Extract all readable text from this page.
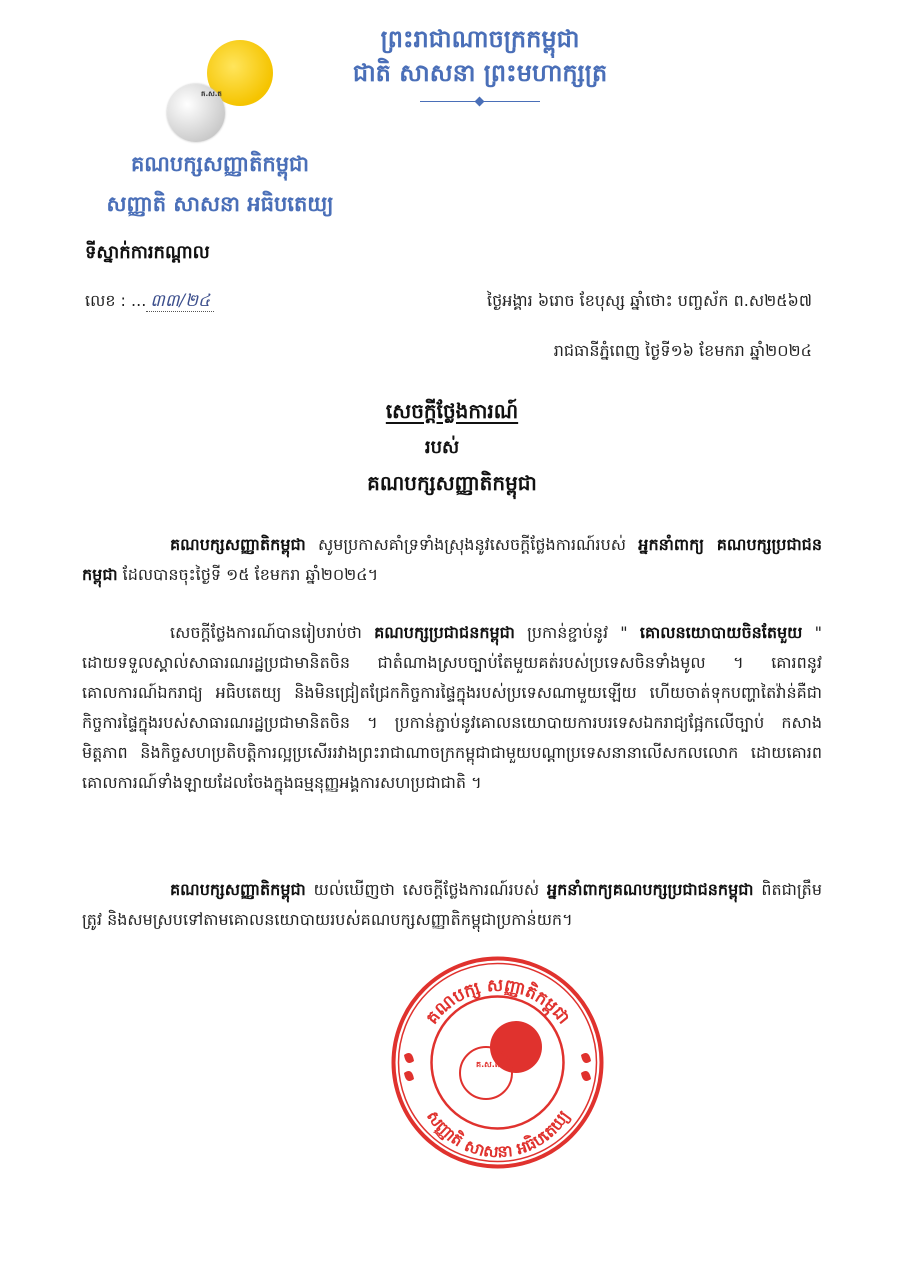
ព្រះរាជាណាចក្រកម្ពុជា
ជាតិ សាសនា ព្រះមហាក្សត្រ
គ.ស.ត
គណបក្សសញ្ញាតិកម្ពុជា
សញ្ញាតិ សាសនា អធិបតេយ្យ
ទីស្នាក់ការកណ្តាល
លេខ : ... ៣៣/២៤	ថ្ងៃអង្គារ ៦រោច ខែបុស្ស ឆ្នាំថោះ បញ្ចស័ក ព.ស២៥៦៧
រាជធានីភ្នំពេញ ថ្ងៃទី១៦ ខែមករា ឆ្នាំ២០២៤
សេចក្តីថ្លែងការណ៍
របស់
គណបក្សសញ្ញាតិកម្ពុជា
គណបក្សសញ្ញាតិកម្ពុជា សូមប្រកាសគាំទ្រទាំងស្រុងនូវសេចក្តីថ្លែងការណ៍របស់ អ្នកនាំពាក្យ គណបក្សប្រជាជនកម្ពុជា ដែលបានចុះថ្ងៃទី ១៥ ខែមករា ឆ្នាំ២០២៤។
សេចក្តីថ្លែងការណ៍បានរៀបរាប់ថា គណបក្សប្រជាជនកម្ពុជា ប្រកាន់ខ្ជាប់នូវ " គោលនយោបាយចិនតែមួយ " ដោយទទួលស្គាល់សាធារណរដ្ឋប្រជាមានិតចិន ជាតំណាងស្របច្បាប់តែមួយគត់របស់ប្រទេសចិនទាំងមូល ។ គោរពនូវគោលការណ៍ឯករាជ្យ អធិបតេយ្យ និងមិនជ្រៀតជ្រែកកិច្ចការផ្ទៃក្នុងរបស់ប្រទេសណាមួយឡើយ ហើយចាត់ទុកបញ្ហាតៃវ៉ាន់គឺជាកិច្ចការផ្ទៃក្នុងរបស់សាធារណរដ្ឋប្រជាមានិតចិន ។ ប្រកាន់ភ្ជាប់នូវគោលនយោបាយការបរទេសឯករាជ្យផ្អែកលើច្បាប់ កសាងមិត្តភាព និងកិច្ចសហប្រតិបត្តិការល្អប្រសើររវាងព្រះរាជាណាចក្រកម្ពុជាជាមួយបណ្តាប្រទេសនានាលើសកលលោក ដោយគោរពគោលការណ៍ទាំងឡាយដែលចែងក្នុងធម្មនុញ្ញអង្គការសហប្រជាជាតិ ។
គណបក្សសញ្ញាតិកម្ពុជា យល់ឃើញថា សេចក្តីថ្លែងការណ៍របស់ អ្នកនាំពាក្យគណបក្សប្រជាជនកម្ពុជា ពិតជាត្រឹមត្រូវ និងសមស្របទៅតាមគោលនយោបាយរបស់គណបក្សសញ្ញាតិកម្ពុជាប្រកាន់យក។
គណបក្ស សញ្ញាតិកម្ពុជា
សញ្ញាតិ សាសនា អធិបតេយ្យ
គ.ស.ត
